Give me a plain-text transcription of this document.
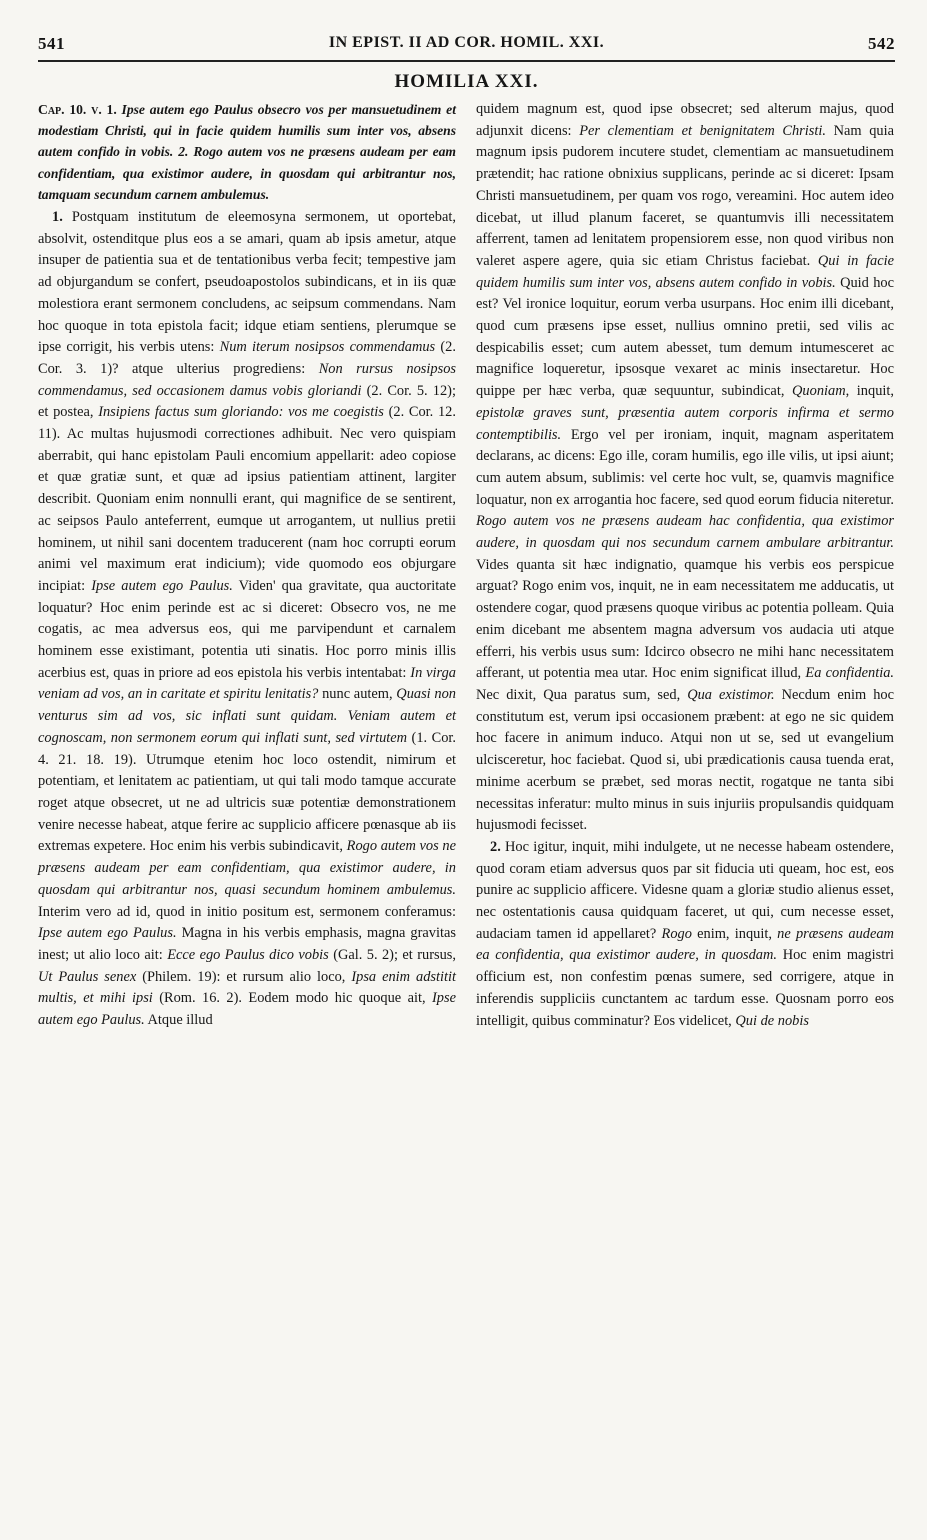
541	IN EPIST. II AD COR. HOMIL. XXI.	542
HOMILIA XXI.

Cap. 10. v. 1. Ipse autem ego Paulus obsecro vos per mansuetudinem et modestiam Christi, qui in facie quidem humilis sum inter vos, absens autem confido in vobis. 2. Rogo autem vos ne præsens audeam per eam confidentiam, qua existimor audere, in quosdam qui arbitrantur nos, tamquam secundum carnem ambulemus.

1. Postquam institutum de eleemosyna sermonem, ut oportebat, absolvit, ostenditque plus eos a se amari, quam ab ipsis ametur, atque insuper de patientia sua et de tentationibus verba fecit; tempestive jam ad objurgandum se confert, pseudoapostolos subindicans, et in iis quæ molestiora erant sermonem concludens, ac seipsum commendans. Nam hoc quoque in tota epistola facit; idque etiam sentiens, plerumque se ipse corrigit, his verbis utens: Num iterum nosipsos commendamus (2. Cor. 3. 1)? atque ulterius progrediens: Non rursus nosipsos commendamus, sed occasionem damus vobis gloriandi (2. Cor. 5. 12); et postea, Insipiens factus sum gloriando: vos me coegistis (2. Cor. 12. 11). Ac multas hujusmodi correctiones adhibuit. Nec vero quispiam aberrabit, qui hanc epistolam Pauli encomium appellarit: adeo copiose et quæ gratiæ sunt, et quæ ad ipsius patientiam attinent, largiter describit. Quoniam enim nonnulli erant, qui magnifice de se sentirent, ac seipsos Paulo anteferrent, eumque ut arrogantem, ut nullius pretii hominem, ut nihil sani docentem traducerent (nam hoc corrupti eorum animi vel maximum erat indicium); vide quomodo eos objurgare incipiat: Ipse autem ego Paulus. Viden' qua gravitate, qua auctoritate loquatur? Hoc enim perinde est ac si diceret: Obsecro vos, ne me cogatis, ac mea adversus eos, qui me parvipendunt et carnalem hominem esse existimant, potentia uti sinatis. Hoc porro minis illis acerbius est, quas in priore ad eos epistola his verbis intentabat: In virga veniam ad vos, an in caritate et spiritu lenitatis? nunc autem, Quasi non venturus sim ad vos, sic inflati sunt quidam. Veniam autem et cognoscam, non sermonem eorum qui inflati sunt, sed virtutem (1. Cor. 4. 21. 18. 19). Utrumque etenim hoc loco ostendit, nimirum et potentiam, et lenitatem ac patientiam, ut qui tali modo tamque accurate roget atque obsecret, ut ne ad ultricis suæ potentiæ demonstrationem venire necesse habeat, atque ferire ac supplicio afficere pœnasque ab iis extremas expetere. Hoc enim his verbis subindicavit, Rogo autem vos ne præsens audeam per eam confidentiam, qua existimor audere, in quosdam qui arbitrantur nos, quasi secundum hominem ambulemus. Interim vero ad id, quod in initio positum est, sermonem conferamus: Ipse autem ego Paulus. Magna in his verbis emphasis, magna gravitas inest; ut alio loco ait: Ecce ego Paulus dico vobis (Gal. 5. 2); et rursus, Ut Paulus senex (Philem. 19): et rursum alio loco, Ipsa enim adstitit multis, et mihi ipsi (Rom. 16. 2). Eodem modo hic quoque ait, Ipse autem ego Paulus. Atque illud

quidem magnum est, quod ipse obsecret; sed alterum majus, quod adjunxit dicens: Per clementiam et benignitatem Christi. Nam quia magnum ipsis pudorem incutere studet, clementiam ac mansuetudinem prætendit; hac ratione obnixius supplicans, perinde ac si diceret: Ipsam Christi mansuetudinem, per quam vos rogo, vereamini. Hoc autem ideo dicebat, ut illud planum faceret, se quantumvis illi necessitatem afferrent, tamen ad lenitatem propensiorem esse, non quod viribus non valeret aspere agere, quia sic etiam Christus faciebat. Qui in facie quidem humilis sum inter vos, absens autem confido in vobis. Quid hoc est? Vel ironice loquitur, eorum verba usurpans. Hoc enim illi dicebant, quod cum præsens ipse esset, nullius omnino pretii, sed vilis ac despicabilis esset; cum autem abesset, tum demum intumesceret ac magnifice loqueretur, ipsosque vexaret ac minis insectaretur. Hoc quippe per hæc verba, quæ sequuntur, subindicat, Quoniam, inquit, epistolæ graves sunt, præsentia autem corporis infirma et sermo contemptibilis. Ergo vel per ironiam, inquit, magnam asperitatem declarans, ac dicens: Ego ille, coram humilis, ego ille vilis, ut ipsi aiunt; cum autem absum, sublimis: vel certe hoc vult, se, quamvis magnifice loquatur, non ex arrogantia hoc facere, sed quod eorum fiducia niteretur. Rogo autem vos ne præsens audeam hac confidentia, qua existimor audere, in quosdam qui nos secundum carnem ambulare arbitrantur. Vides quanta sit hæc indignatio, quamque his verbis eos perspicue arguat? Rogo enim vos, inquit, ne in eam necessitatem me adducatis, ut ostendere cogar, quod præsens quoque viribus ac potentia polleam. Quia enim dicebant me absentem magna adversum vos audacia uti atque efferri, his verbis usus sum: Idcirco obsecro ne mihi hanc necessitatem afferant, ut potentia mea utar. Hoc enim significat illud, Ea confidentia. Nec dixit, Qua paratus sum, sed, Qua existimor. Necdum enim hoc constitutum est, verum ipsi occasionem præbent: at ego ne sic quidem hoc facere in animum induco. Atqui non ut se, sed ut evangelium ulcisceretur, hoc faciebat. Quod si, ubi prædicationis causa tuenda erat, minime acerbum se præbet, sed moras nectit, rogatque ne tanta sibi necessitas inferatur: multo minus in suis injuriis propulsandis quidquam hujusmodi fecisset.

2. Hoc igitur, inquit, mihi indulgete, ut ne necesse habeam ostendere, quod coram etiam adversus quos par sit fiducia uti queam, hoc est, eos punire ac supplicio afficere. Videsne quam a gloriæ studio alienus esset, nec ostentationis causa quidquam faceret, ut qui, cum necesse esset, audaciam tamen id appellaret? Rogo enim, inquit, ne præsens audeam ea confidentia, qua existimor audere, in quosdam. Hoc enim magistri officium est, non confestim pœnas sumere, sed corrigere, atque in inferendis suppliciis cunctantem ac tardum esse. Quosnam porro eos intelligit, quibus comminatur? Eos videlicet, Qui de nobis
